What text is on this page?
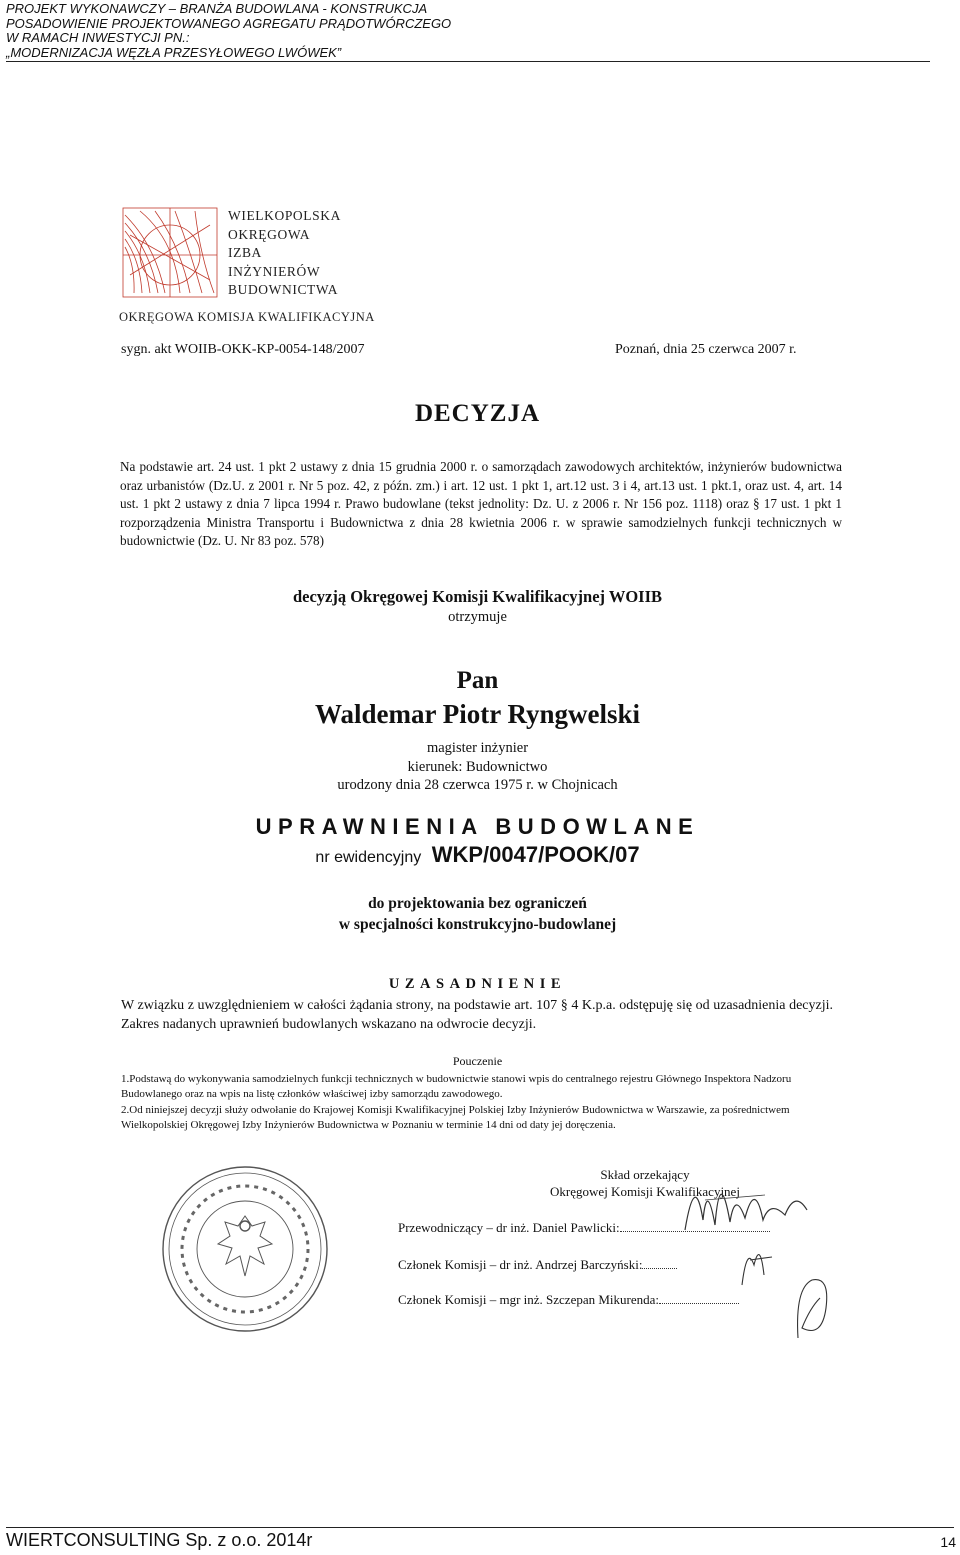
PROJEKT WYKONAWCZY – BRANŻA BUDOWLANA - KONSTRUKCJA
POSADOWIENIE PROJEKTOWANEGO AGREGATU PRĄDOTWÓRCZEGO
W RAMACH INWESTYCJI PN.:
„MODERNIZACJA WĘZŁA PRZESYŁOWEGO LWÓWEK”
WIELKOPOLSKA
OKRĘGOWA
IZBA
INŻYNIERÓW
BUDOWNICTWA
OKRĘGOWA KOMISJA KWALIFIKACYJNA
sygn. akt WOIIB-OKK-KP-0054-148/2007	Poznań, dnia 25 czerwca 2007 r.
DECYZJA
Na podstawie art. 24 ust. 1 pkt 2 ustawy z dnia 15 grudnia 2000 r. o samorządach zawodowych architektów, inżynierów budownictwa oraz urbanistów (Dz.U. z 2001 r. Nr 5 poz. 42, z późn. zm.) i art. 12 ust. 1 pkt 1, art.12 ust. 3 i 4, art.13 ust. 1 pkt.1, oraz ust. 4, art. 14 ust. 1 pkt 2 ustawy z dnia 7 lipca 1994 r. Prawo budowlane (tekst jednolity: Dz. U. z 2006 r. Nr 156 poz. 1118) oraz § 17 ust. 1 pkt 1 rozporządzenia Ministra Transportu i Budownictwa z dnia 28 kwietnia 2006 r. w sprawie samodzielnych funkcji technicznych w budownictwie (Dz. U. Nr 83 poz. 578)
decyzją Okręgowej Komisji Kwalifikacyjnej WOIIB
otrzymuje
Pan
Waldemar Piotr Ryngwelski
magister inżynier
kierunek: Budownictwo
urodzony dnia 28 czerwca 1975 r. w Chojnicach
UPRAWNIENIA BUDOWLANE
nr ewidencyjny WKP/0047/POOK/07
do projektowania bez ograniczeń
w specjalności konstrukcyjno-budowlanej
UZASADNIENIE
W związku z uwzględnieniem w całości żądania strony, na podstawie art. 107 § 4 K.p.a. odstępuję się od uzasadnienia decyzji. Zakres nadanych uprawnień budowlanych wskazano na odwrocie decyzji.
Pouczenie

1.Podstawą do wykonywania samodzielnych funkcji technicznych w budownictwie stanowi wpis do centralnego rejestru Głównego Inspektora Nadzoru Budowlanego oraz na wpis na listę członków właściwej izby samorządu zawodowego.

2.Od niniejszej decyzji służy odwołanie do Krajowej Komisji Kwalifikacyjnej Polskiej Izby Inżynierów Budownictwa w Warszawie, za pośrednictwem Wielkopolskiej Okręgowej Izby Inżynierów Budownictwa w Poznaniu w terminie 14 dni od daty jej doręczenia.

Skład orzekający
Okręgowej Komisji Kwalifikacyjnej
Przewodniczący – dr inż. Daniel Pawlicki:
Członek Komisji – dr inż. Andrzej Barczyński:
Członek Komisji – mgr inż. Szczepan Mikurenda:
WIERTCONSULTING Sp. z o.o. 2014r	14
